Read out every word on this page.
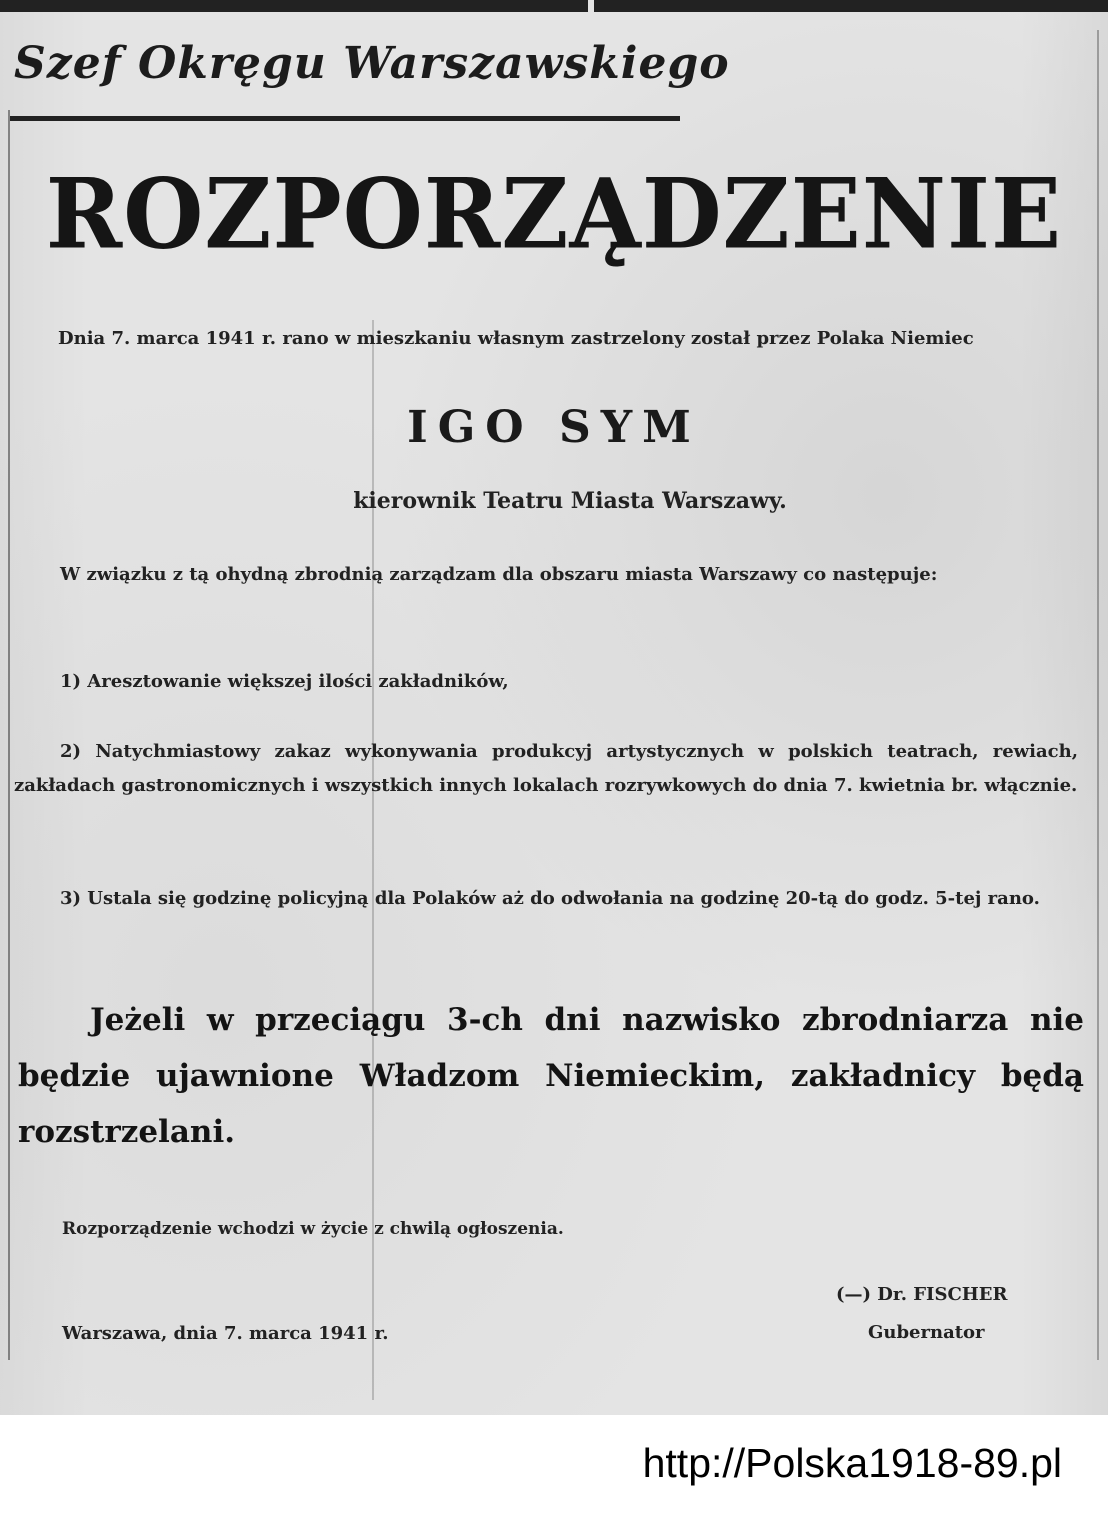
Szef Okręgu Warszawskiego
ROZPORZĄDZENIE
Dnia 7. marca 1941 r. rano w mieszkaniu własnym zastrzelony został przez Polaka Niemiec
IGO SYM
kierownik Teatru Miasta Warszawy.
W związku z tą ohydną zbrodnią zarządzam dla obszaru miasta Warszawy co następuje:
1) Aresztowanie większej ilości zakładników,
2) Natychmiastowy zakaz wykonywania produkcyj artystycznych w polskich teatrach, rewiach, zakładach gastronomicznych i wszystkich innych lokalach rozrywkowych do dnia 7. kwietnia br. włącznie.
3) Ustala się godzinę policyjną dla Polaków aż do odwołania na godzinę 20-tą do godz. 5-tej rano.
Jeżeli w przeciągu 3-ch dni nazwisko zbrodniarza nie będzie ujawnione Władzom Niemieckim, zakładnicy będą rozstrzelani.
Rozporządzenie wchodzi w życie z chwilą ogłoszenia.
(—) Dr. FISCHER
Gubernator
Warszawa, dnia 7. marca 1941 r.
http://Polska1918-89.pl
